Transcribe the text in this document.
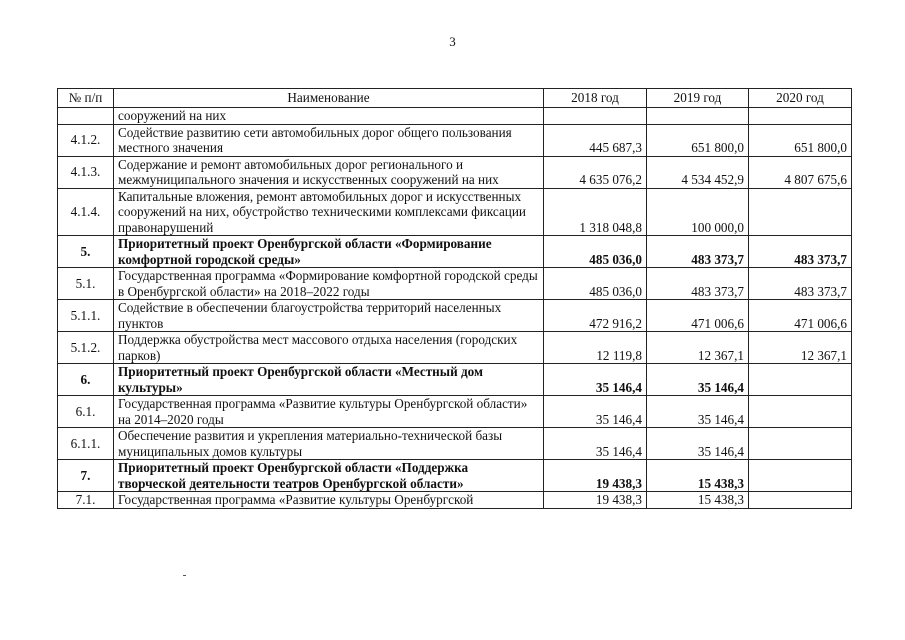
3
№ п/п	Наименование	2018 год	2019 год	2020 год
	сооружений на них			
4.1.2.	Содействие развитию сети автомобильных дорог общего пользования местного значения	445 687,3	651 800,0	651 800,0
4.1.3.	Содержание и ремонт автомобильных дорог регионального и межмуниципального значения и искусственных сооружений на них	4 635 076,2	4 534 452,9	4 807 675,6
4.1.4.	Капитальные вложения, ремонт автомобильных дорог и искусственных сооружений на них, обустройство техническими комплексами фиксации правонарушений	1 318 048,8	100 000,0	
5.	Приоритетный проект Оренбургской области «Формирование комфортной городской среды»	485 036,0	483 373,7	483 373,7
5.1.	Государственная программа «Формирование комфортной городской среды в Оренбургской области» на 2018–2022 годы	485 036,0	483 373,7	483 373,7
5.1.1.	Содействие в обеспечении благоустройства территорий населенных пунктов	472 916,2	471 006,6	471 006,6
5.1.2.	Поддержка обустройства мест массового отдыха населения (городских парков)	12 119,8	12 367,1	12 367,1
6.	Приоритетный проект Оренбургской области «Местный дом культуры»	35 146,4	35 146,4	
6.1.	Государственная программа «Развитие культуры Оренбургской области» на 2014–2020 годы	35 146,4	35 146,4	
6.1.1.	Обеспечение развития и укрепления материально-технической базы муниципальных домов культуры	35 146,4	35 146,4	
7.	Приоритетный проект Оренбургской области «Поддержка творческой деятельности театров Оренбургской области»	19 438,3	15 438,3	
7.1.	Государственная программа «Развитие культуры Оренбургской	19 438,3	15 438,3	
